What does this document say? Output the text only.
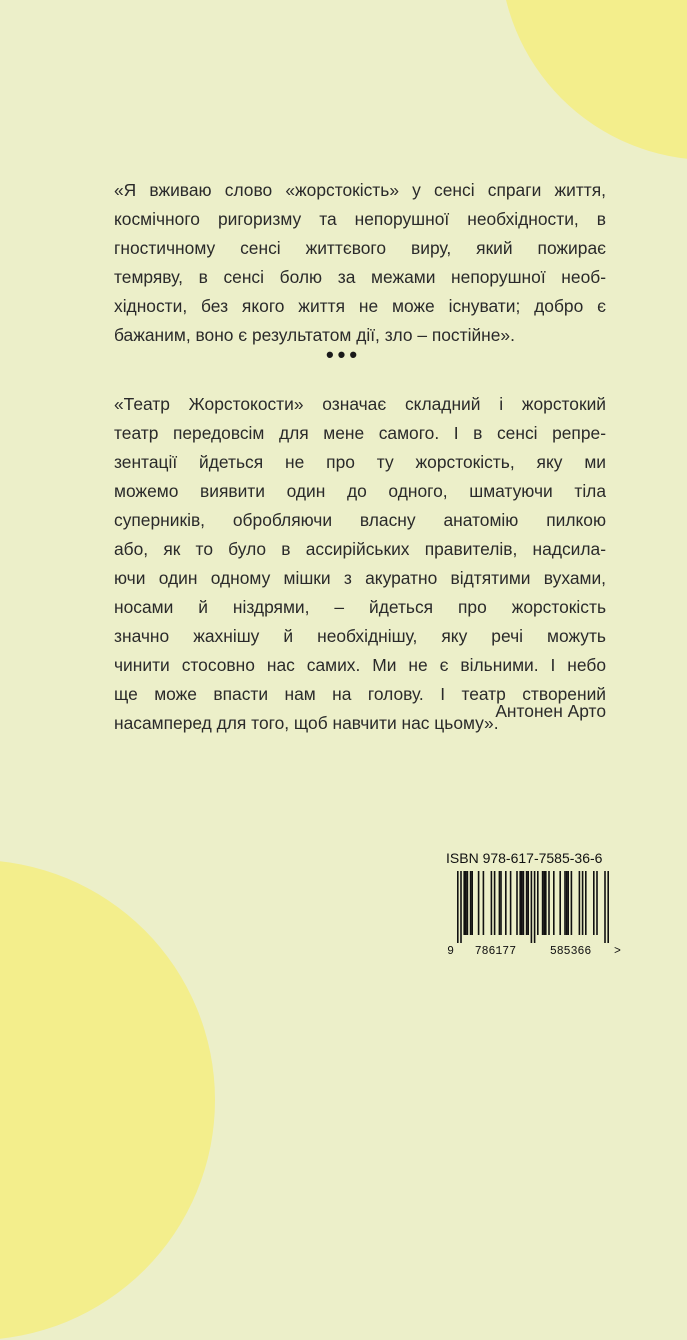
«Я вживаю слово «жорстокість» у сенсі спраги життя,
космічного ригоризму та непорушної необхідности, в
гностичному сенсі життєвого виру, який пожирає
темряву, в сенсі болю за межами непорушної необ-
хідности, без якого життя не може існувати; добро є
бажаним, воно є результатом дії, зло – постійне».
•••
«Театр Жорстокости» означає складний і жорстокий
театр передовсім для мене самого. І в сенсі репре-
зентації йдеться не про ту жорстокість, яку ми
можемо виявити один до одного, шматуючи тіла
суперників, обробляючи власну анатомію пилкою
або, як то було в ассирійських правителів, надсила-
ючи один одному мішки з акуратно відтятими вухами,
носами й ніздрями, – йдеться про жорстокість
значно жахнішу й необхіднішу, яку речі можуть
чинити стосовно нас самих. Ми не є вільними. І небо
ще може впасти нам на голову. І театр створений
насамперед для того, щоб навчити нас цьому».
Антонен Арто
ISBN 978-617-7585-36-6
9 786177	585366 >
